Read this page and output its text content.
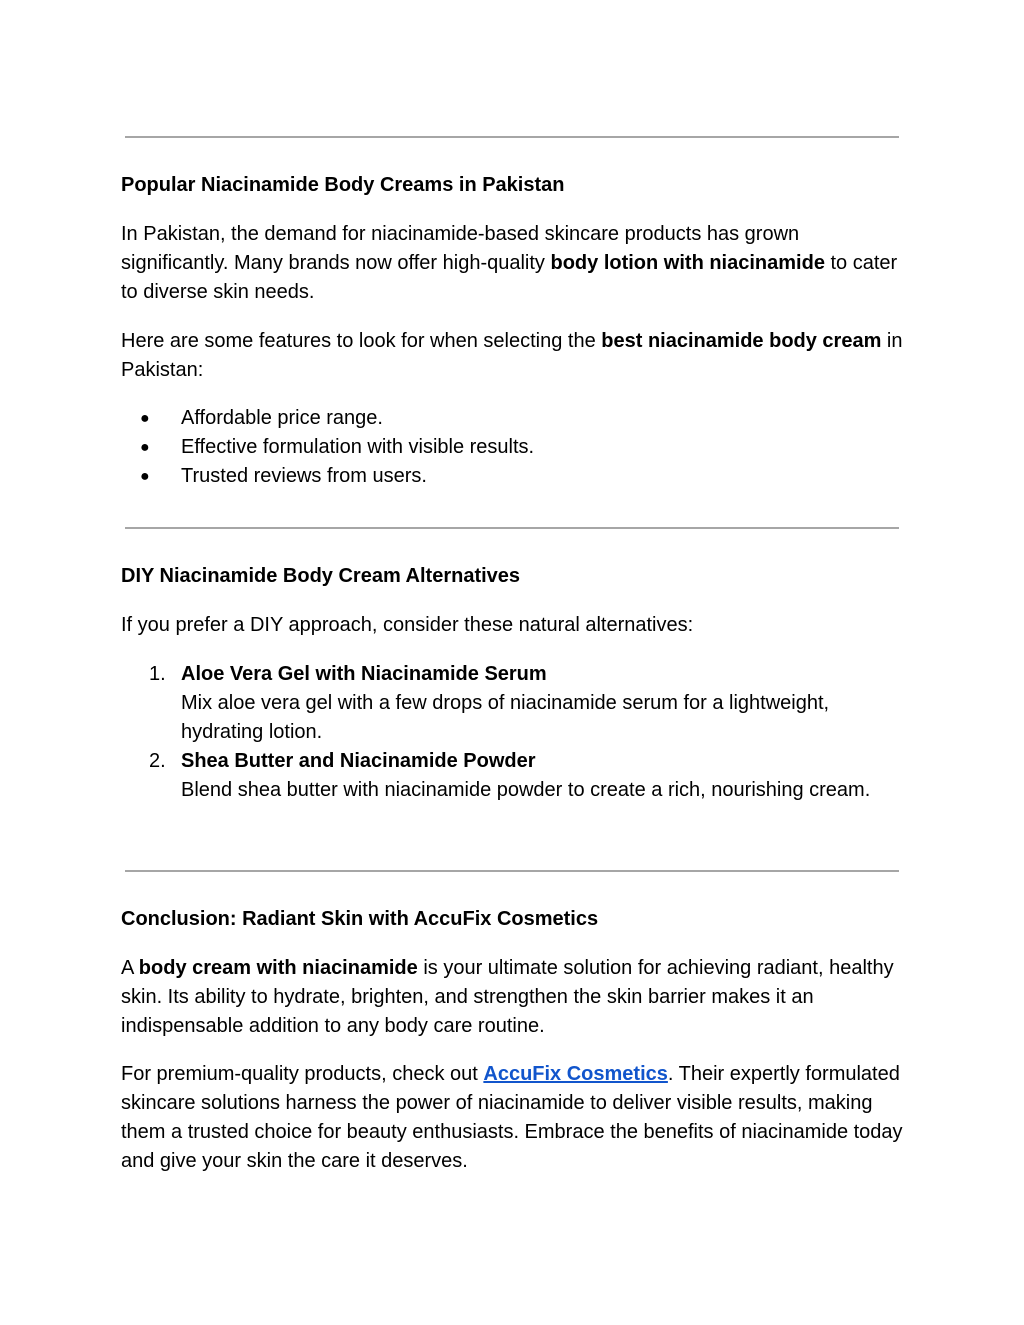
Popular Niacinamide Body Creams in Pakistan
In Pakistan, the demand for niacinamide-based skincare products has grown significantly. Many brands now offer high-quality body lotion with niacinamide to cater to diverse skin needs.
Here are some features to look for when selecting the best niacinamide body cream in Pakistan:
● Affordable price range.
● Effective formulation with visible results.
● Trusted reviews from users.
DIY Niacinamide Body Cream Alternatives
If you prefer a DIY approach, consider these natural alternatives:
1. Aloe Vera Gel with Niacinamide Serum
Mix aloe vera gel with a few drops of niacinamide serum for a lightweight, hydrating lotion.
2. Shea Butter and Niacinamide Powder
Blend shea butter with niacinamide powder to create a rich, nourishing cream.
Conclusion: Radiant Skin with AccuFix Cosmetics
A body cream with niacinamide is your ultimate solution for achieving radiant, healthy skin. Its ability to hydrate, brighten, and strengthen the skin barrier makes it an indispensable addition to any body care routine.
For premium-quality products, check out AccuFix Cosmetics. Their expertly formulated skincare solutions harness the power of niacinamide to deliver visible results, making them a trusted choice for beauty enthusiasts. Embrace the benefits of niacinamide today and give your skin the care it deserves.
